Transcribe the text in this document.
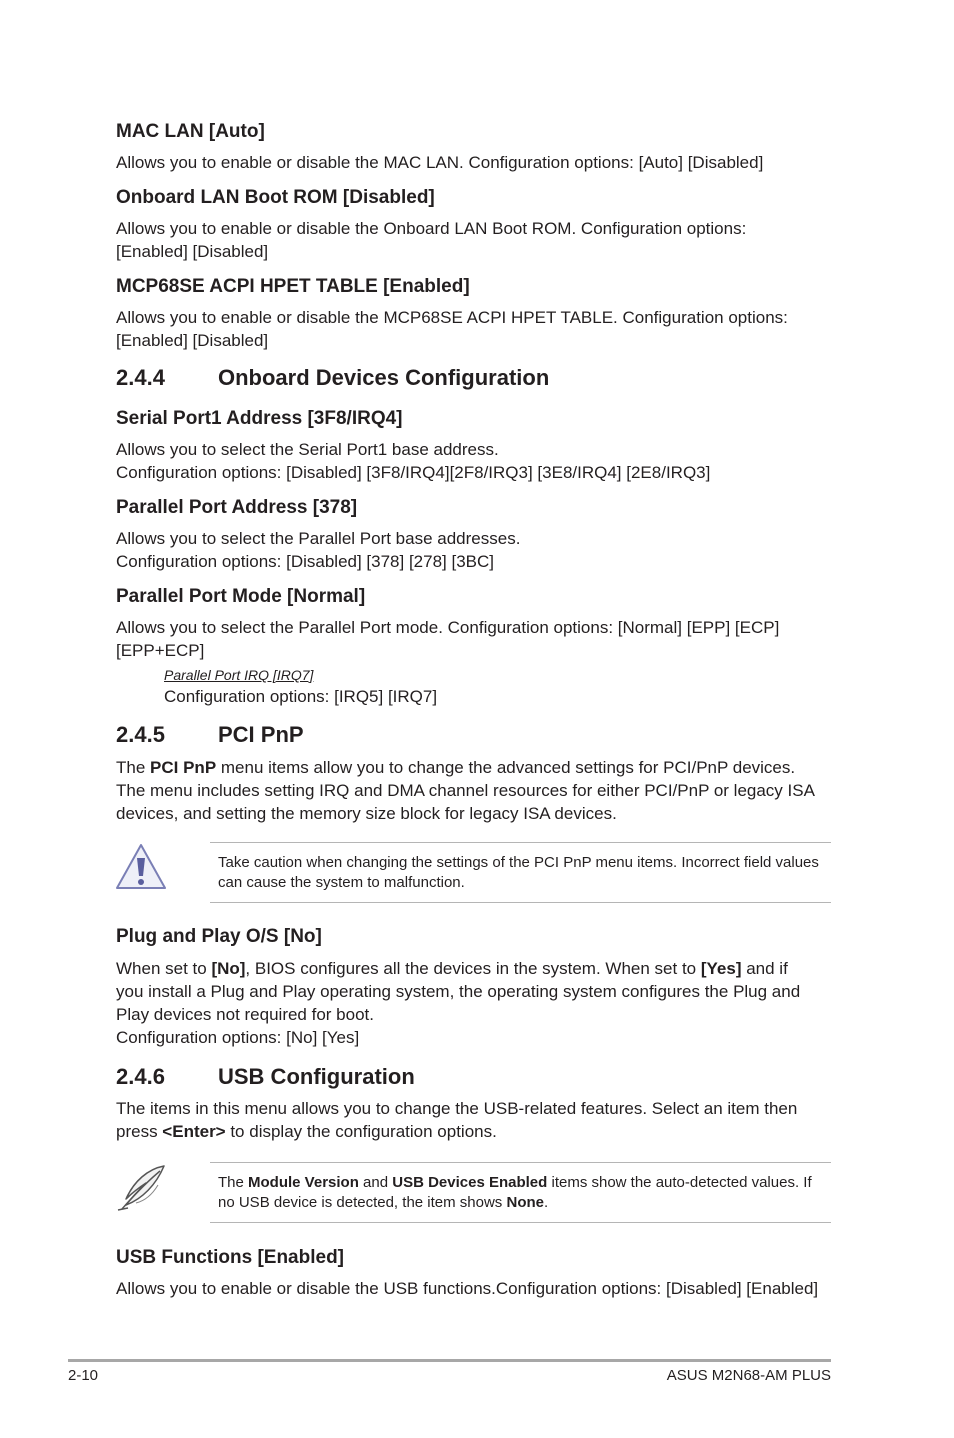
MAC LAN [Auto]
Allows you to enable or disable the MAC LAN. Configuration options: [Auto] [Disabled]
Onboard LAN Boot ROM [Disabled]
Allows you to enable or disable the Onboard LAN Boot ROM. Configuration options:
[Enabled] [Disabled]
MCP68SE ACPI HPET TABLE [Enabled]
Allows you to enable or disable the MCP68SE ACPI HPET TABLE. Configuration options:
[Enabled] [Disabled]
2.4.4 Onboard Devices Configuration
Serial Port1 Address [3F8/IRQ4]
Allows you to select the Serial Port1 base address.
Configuration options: [Disabled] [3F8/IRQ4][2F8/IRQ3] [3E8/IRQ4] [2E8/IRQ3]
Parallel Port Address [378]
Allows you to select the Parallel Port base addresses.
Configuration options: [Disabled] [378] [278] [3BC]
Parallel Port Mode [Normal]
Allows you to select the Parallel Port mode. Configuration options: [Normal] [EPP] [ECP]
[EPP+ECP]
Parallel Port IRQ [IRQ7]
Configuration options: [IRQ5] [IRQ7]
2.4.5 PCI PnP
The PCI PnP menu items allow you to change the advanced settings for PCI/PnP devices.
The menu includes setting IRQ and DMA channel resources for either PCI/PnP or legacy ISA
devices, and setting the memory size block for legacy ISA devices.
Take caution when changing the settings of the PCI PnP menu items. Incorrect field values
can cause the system to malfunction.
Plug and Play O/S [No]
When set to [No], BIOS configures all the devices in the system. When set to [Yes] and if
you install a Plug and Play operating system, the operating system configures the Plug and
Play devices not required for boot.
Configuration options: [No] [Yes]
2.4.6 USB Configuration
The items in this menu allows you to change the USB-related features. Select an item then
press <Enter> to display the configuration options.
The Module Version and USB Devices Enabled items show the auto-detected values. If
no USB device is detected, the item shows None.
USB Functions [Enabled]
Allows you to enable or disable the USB functions.Configuration options: [Disabled] [Enabled]
2-10	ASUS M2N68-AM PLUS
